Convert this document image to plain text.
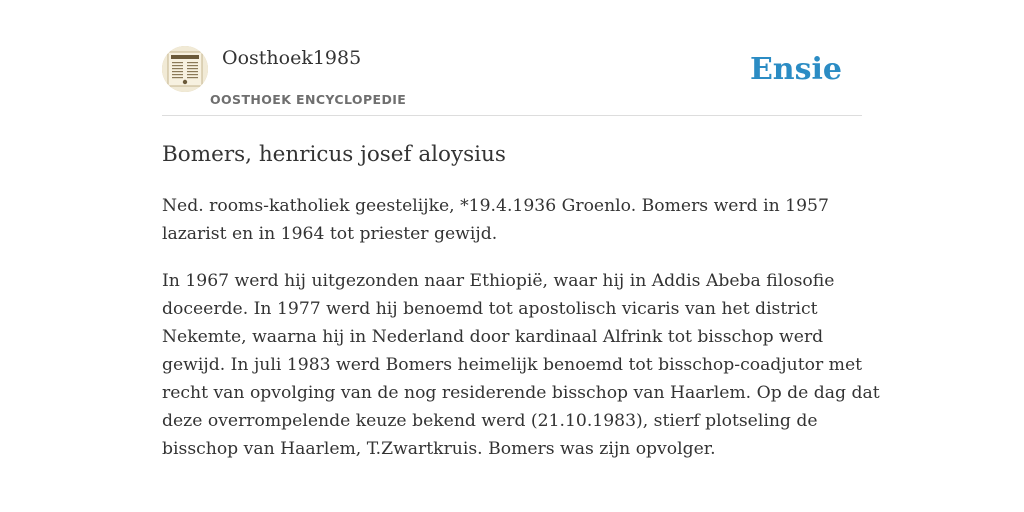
Oosthoek1985
OOSTHOEK ENCYCLOPEDIE
Ensie
Bomers, henricus josef aloysius

Ned. rooms-katholiek geestelijke, *19.4.1936 Groenlo. Bomers werd in 1957
lazarist en in 1964 tot priester gewijd.

In 1967 werd hij uitgezonden naar Ethiopië, waar hij in Addis Abeba filosofie
doceerde. In 1977 werd hij benoemd tot apostolisch vicaris van het district
Nekemte, waarna hij in Nederland door kardinaal Alfrink tot bisschop werd
gewijd. In juli 1983 werd Bomers heimelijk benoemd tot bisschop-coadjutor met
recht van opvolging van de nog residerende bisschop van Haarlem. Op de dag dat
deze overrompelende keuze bekend werd (21.10.1983), stierf plotseling de
bisschop van Haarlem, T.Zwartkruis. Bomers was zijn opvolger.
